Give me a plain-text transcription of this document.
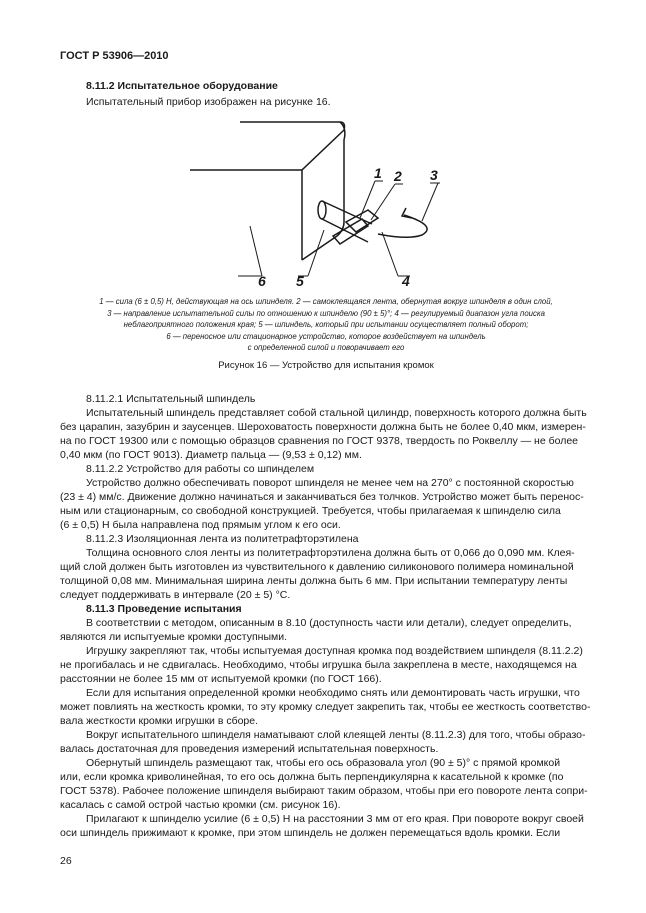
ГОСТ Р 53906—2010
8.11.2 Испытательное оборудование
Испытательный прибор изображен на рисунке 16.
1 2 3
4
5
6
1 — сила (6 ± 0,5) Н, действующая на ось шпинделя. 2 — самоклеящаяся лента, обернутая вокруг шпинделя в один слой,
3 — направление испытательной силы по отношению к шпинделю (90 ± 5)°; 4 — регулируемый диапазон угла поиска
неблагоприятного положения края; 5 — шпиндель, который при испытании осуществляет полный оборот;
6 — переносное или стационарное устройство, которое воздействует на шпиндель
с определенной силой и поворачивает его
Рисунок 16 — Устройство для испытания кромок
8.11.2.1 Испытательный шпиндель
Испытательный шпиндель представляет собой стальной цилиндр, поверхность которого должна быть
без царапин, зазубрин и заусенцев. Шероховатость поверхности должна быть не более 0,40 мкм, измерен-
на по ГОСТ 19300 или с помощью образцов сравнения по ГОСТ 9378, твердость по Роквеллу — не более
0,40 мкм (по ГОСТ 9013). Диаметр пальца — (9,53 ± 0,12) мм.
8.11.2.2 Устройство для работы со шпинделем
Устройство должно обеспечивать поворот шпинделя не менее чем на 270° с постоянной скоростью
(23 ± 4) мм/с. Движение должно начинаться и заканчиваться без толчков. Устройство может быть перенос-
ным или стационарным, со свободной конструкцией. Требуется, чтобы прилагаемая к шпинделю сила
(6 ± 0,5) Н была направлена под прямым углом к его оси.
8.11.2.3 Изоляционная лента из политетрафторэтилена
Толщина основного слоя ленты из политетрафторэтилена должна быть от 0,066 до 0,090 мм. Клея-
щий слой должен быть изготовлен из чувствительного к давлению силиконового полимера номинальной
толщиной 0,08 мм. Минимальная ширина ленты должна быть 6 мм. При испытании температуру ленты
следует поддерживать в интервале (20 ± 5) °С.
8.11.3 Проведение испытания
В соответствии с методом, описанным в 8.10 (доступность части или детали), следует определить,
являются ли испытуемые кромки доступными.
Игрушку закрепляют так, чтобы испытуемая доступная кромка под воздействием шпинделя (8.11.2.2)
не прогибалась и не сдвигалась. Необходимо, чтобы игрушка была закреплена в месте, находящемся на
расстоянии не более 15 мм от испытуемой кромки (по ГОСТ 166).
Если для испытания определенной кромки необходимо снять или демонтировать часть игрушки, что
может повлиять на жесткость кромки, то эту кромку следует закрепить так, чтобы ее жесткость соответство-
вала жесткости кромки игрушки в сборе.
Вокруг испытательного шпинделя наматывают слой клеящей ленты (8.11.2.3) для того, чтобы образо-
валась достаточная для проведения измерений испытательная поверхность.
Обернутый шпиндель размещают так, чтобы его ось образовала угол (90 ± 5)° с прямой кромкой
или, если кромка криволинейная, то его ось должна быть перпендикулярна к касательной к кромке (по
ГОСТ 5378). Рабочее положение шпинделя выбирают таким образом, чтобы при его повороте лента сопри-
касалась с самой острой частью кромки (см. рисунок 16).
Прилагают к шпинделю усилие (6 ± 0,5) Н на расстоянии 3 мм от его края. При повороте вокруг своей
оси шпиндель прижимают к кромке, при этом шпиндель не должен перемещаться вдоль кромки. Если
26
